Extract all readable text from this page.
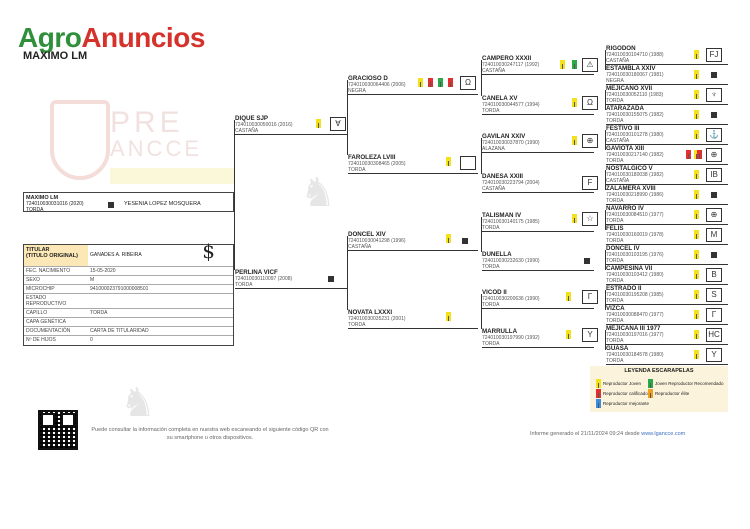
PRE
ANCCE
♞
♞
AgroAnuncios
MAXIMO LM
MAXIMO LM
724010030031016 (2020)
TORDA
YESENIA LOPEZ MOSQUERA
TITULAR
(TITULO ORIGINAL)	GANADES A. RIBEIRA	$
FEC. NACIMIENTO	15-05-2020
SEXO	M
MICROCHIP	941000023791000008501
ESTADO REPRODUCTIVO
CAPILLO	TORDA
CAPA GENÉTICA
DOCUMENTACIÓN	CARTA DE TITULARIDAD
Nº DE HIJOS	0
DIQUE SJP
724010030050016 (2016)
CASTAÑA
PERLINA VICF
724010030110097 (2008)
TORDA
∀
GRACIOSO D
724010030064406 (2006)
NEGRA
FAROLEZA LVIII
724010030308465 (2005)
TORDA
DONCEL XIV
724010030041298 (1996)
CASTAÑA
NOVATA LXXXI
724010030035231 (2001)
TORDA
Ω
CAMPERO XXXII
724010030247117 (1992)
CASTAÑA
CANELA XV
724010030044577 (1994)
TORDA
GAVILAN XXIV
724010030037870 (1990)
ALAZANA
DANESA XXIII
724010030223794 (2004)
CASTAÑA
TALISMAN IV
724010030140175 (1985)
TORDA
DUNELLA
724010030232630 (1990)
TORDA
VICOD II
724010030200636 (1990)
TORDA
MARRULLA
724010030197990 (1992)
TORDA
⚠
Ω
⊕
F
☆
Γ
Y
RIGODON
724010030104710 (1988)
CASTAÑA
FJ
ESTAMBLA XXIV
724010030180067 (1981)
NEGRA
MEJICANO XVII
724010030052110 (1983)
TORDA
♆
ATARAZADA
724010030155075 (1982)
TORDA
FESTIVO III
724010030101278 (1980)
CASTAÑA
⚓
GAVIOTA XIII
724010030217140 (1982)
TORDA
⊕
NOSTALGICO V
724010030180038 (1982)
CASTAÑA
IB
ZALAMERA XVIII
724010030218990 (1986)
TORDA
NAVARRO IV
724010030084510 (1977)
TORDA
⊕
FELIS
724010030160019 (1978)
TORDA
M
DONCEL IV
724010030103195 (1976)
TORDA
CAMPESINA VII
724010030103412 (1980)
TORDA
B
ESTRADO II
724010030195208 (1985)
TORDA
S
VIZCA
724010030088470 (1977)
TORDA
Γ
MEJICANA III 1977
724010030197016 (1977)
TORDA
HC
GUASA
724010030184578 (1980)
TORDA
Y
LEYENDA ESCARAPELAS
Reproductor Joven
Reproductor calificado
Reproductor mejorante
Joven Reproductor Recomendado
Reproductor élite
Puede consultar la información completa en nuestra web escaneando el siguiente código QR con su smartphone u otros dispositivos.
Informe generado el 21/11/2024 09:24 desde www.lgancce.com
